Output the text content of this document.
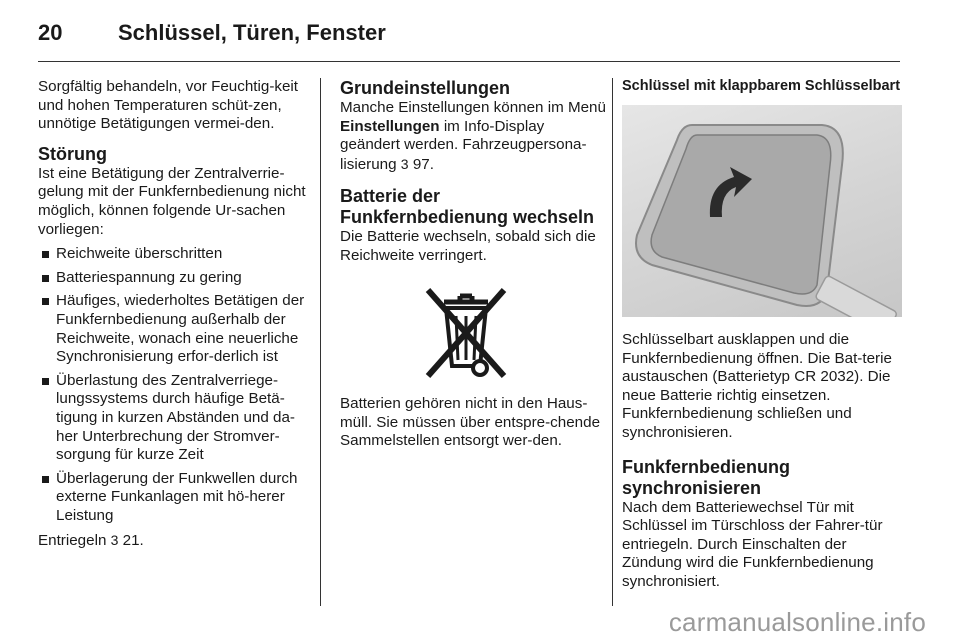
20	Schlüssel, Türen, Fenster

Sorgfältig behandeln, vor Feuchtig-keit und hohen Temperaturen schüt-zen, unnötige Betätigungen vermei-den.

Störung

Ist eine Betätigung der Zentralverrie-gelung mit der Funkfernbedienung nicht möglich, können folgende Ur-sachen vorliegen:

Reichweite überschritten
Batteriespannung zu gering
Häufiges, wiederholtes Betätigen der Funkfernbedienung außerhalb der Reichweite, wonach eine neuerliche Synchronisierung erfor-derlich ist
Überlastung des Zentralverriege-lungssystems durch häufige Betä-tigung in kurzen Abständen und da-her Unterbrechung der Stromver-sorgung für kurze Zeit
Überlagerung der Funkwellen durch externe Funkanlagen mit hö-herer Leistung

Entriegeln 3 21.

Grundeinstellungen

Manche Einstellungen können im Menü Einstellungen im Info-Display geändert werden. Fahrzeugpersona-lisierung 3 97.

Batterie der Funkfernbedienung wechseln

Die Batterie wechseln, sobald sich die Reichweite verringert.

Batterien gehören nicht in den Haus-müll. Sie müssen über entspre-chende Sammelstellen entsorgt wer-den.

Schlüssel mit klappbarem Schlüsselbart

Schlüsselbart ausklappen und die Funkfernbedienung öffnen. Die Bat-terie austauschen (Batterietyp CR 2032). Die neue Batterie richtig einsetzen. Funkfernbedienung schließen und synchronisieren.

Funkfernbedienung synchronisieren

Nach dem Batteriewechsel Tür mit Schlüssel im Türschloss der Fahrer-tür entriegeln. Durch Einschalten der Zündung wird die Funkfernbedienung synchronisiert.

carmanualsonline.info
